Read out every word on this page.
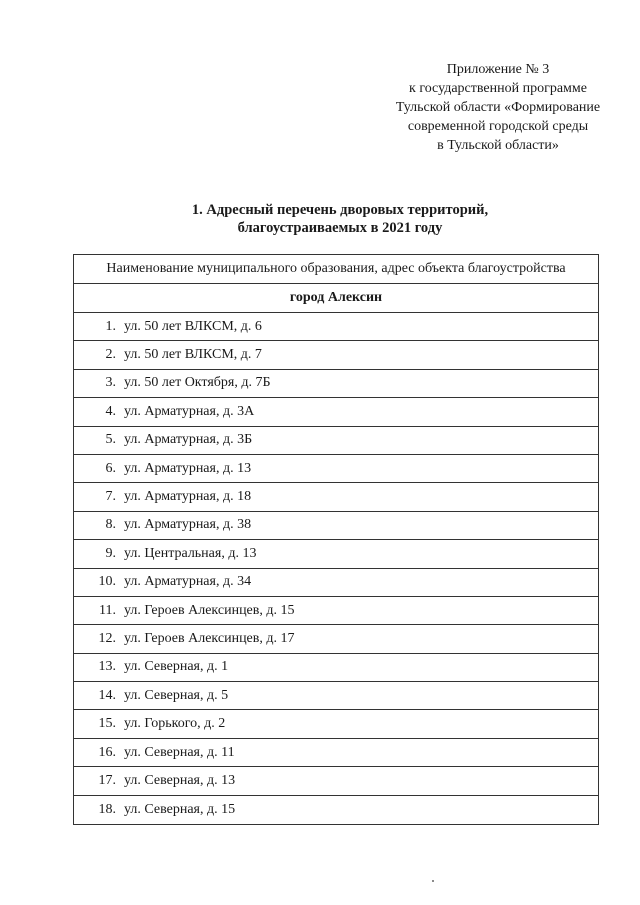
Приложение № 3
к государственной программе
Тульской области «Формирование
современной городской среды
в Тульской области»
1. Адресный перечень дворовых территорий,
благоустраиваемых в 2021 году
Наименование муниципального образования, адрес объекта благоустройства
город Алексин
1. ул. 50 лет ВЛКСМ, д. 6
2. ул. 50 лет ВЛКСМ, д. 7
3. ул. 50 лет Октября, д. 7Б
4. ул. Арматурная, д. 3А
5. ул. Арматурная, д. 3Б
6. ул. Арматурная, д. 13
7. ул. Арматурная, д. 18
8. ул. Арматурная, д. 38
9. ул. Центральная, д. 13
10. ул. Арматурная, д. 34
11. ул. Героев Алексинцев, д. 15
12. ул. Героев Алексинцев, д. 17
13. ул. Северная, д. 1
14. ул. Северная, д. 5
15. ул. Горького, д. 2
16. ул. Северная, д. 11
17. ул. Северная, д. 13
18. ул. Северная, д. 15
